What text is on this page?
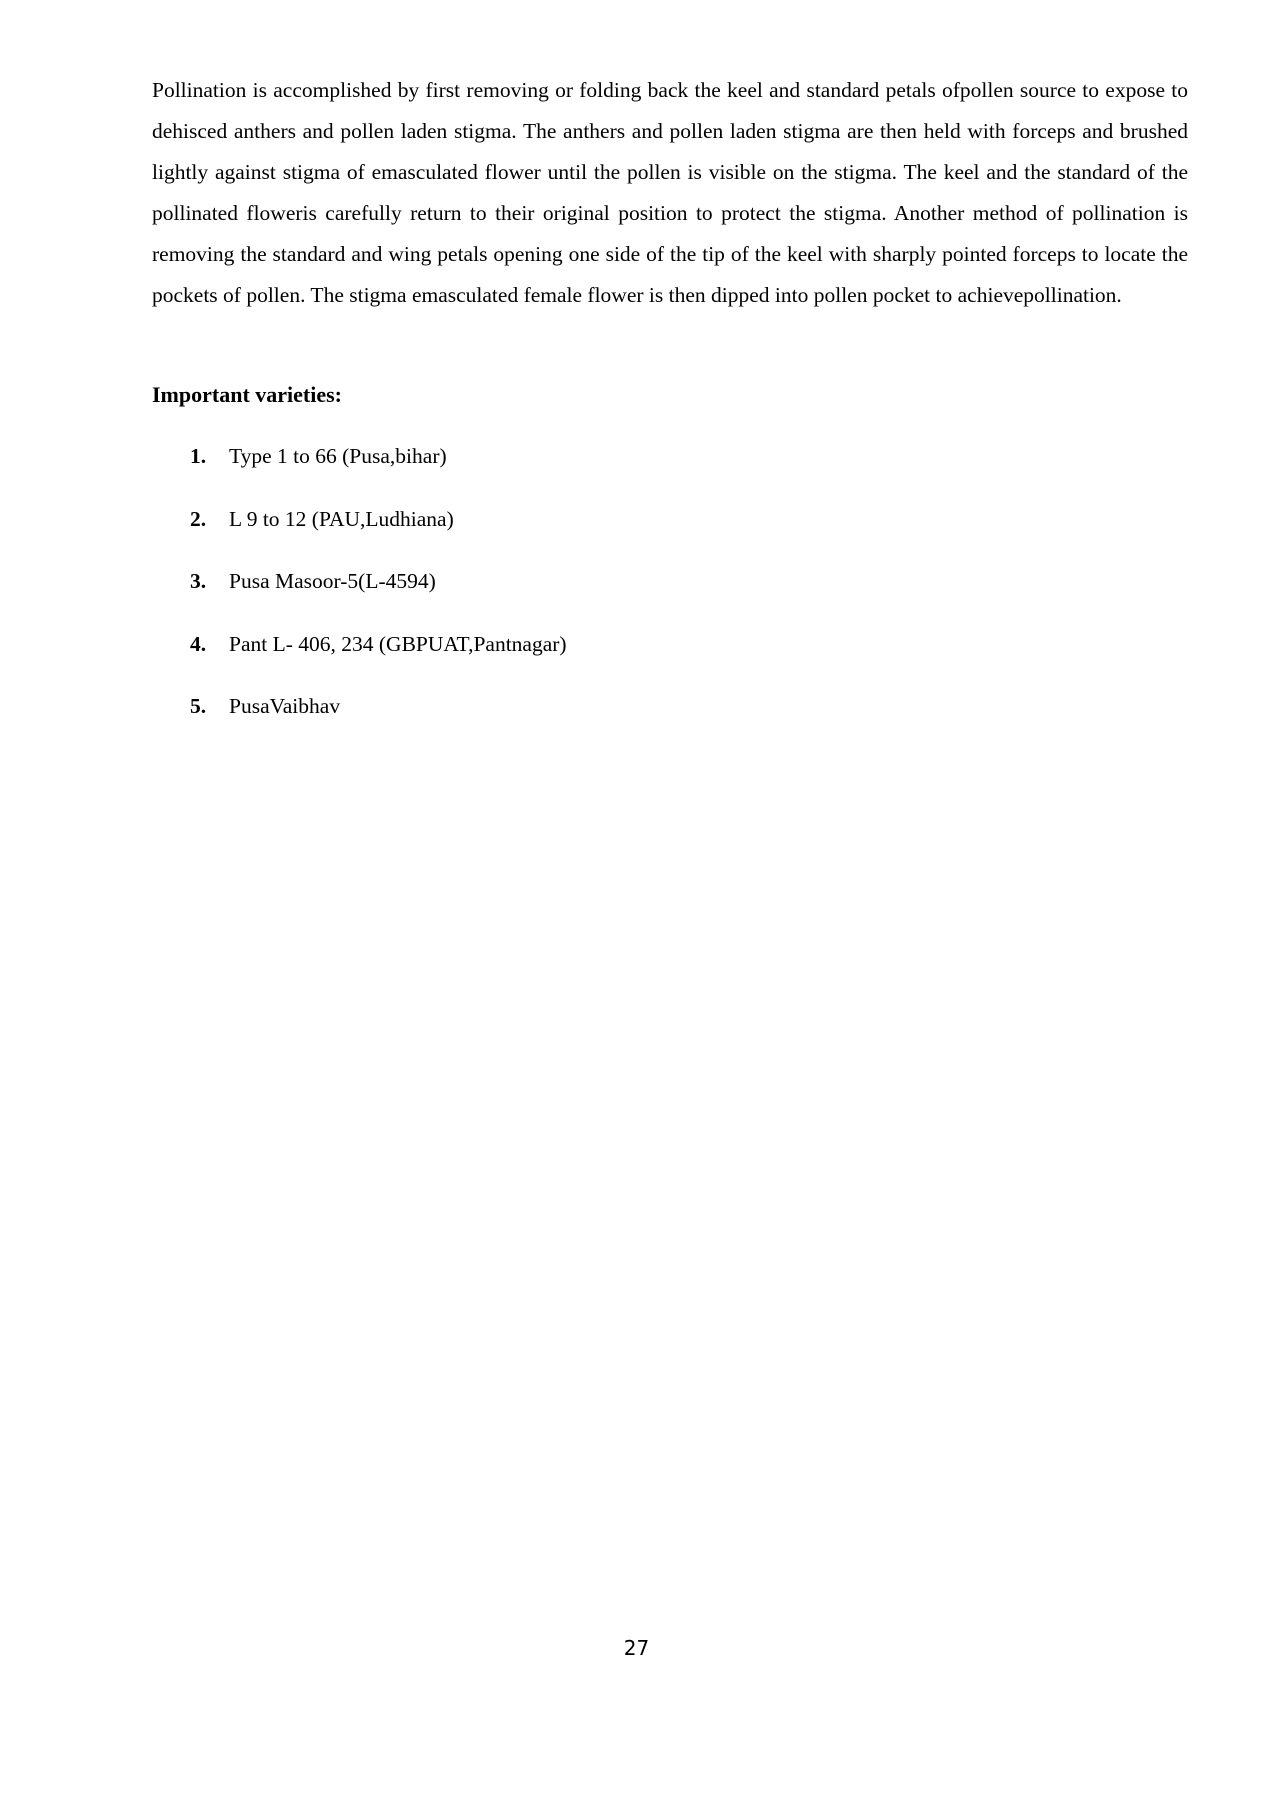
Pollination is accomplished by first removing or folding back the keel and standard petals ofpollen source to expose to dehisced anthers and pollen laden stigma. The anthers and pollen laden stigma are then held with forceps and brushed lightly against stigma of emasculated flower until the pollen is visible on the stigma. The keel and the standard of the pollinated floweris carefully return to their original position to protect the stigma. Another method of pollination is removing the standard and wing petals opening one side of the tip of the keel with sharply pointed forceps to locate the pockets of pollen. The stigma emasculated female flower is then dipped into pollen pocket to achievepollination.

Important varieties:
1. Type 1 to 66 (Pusa,bihar)
2. L 9 to 12 (PAU,Ludhiana)
3. Pusa Masoor-5(L-4594)
4. Pant L- 406, 234 (GBPUAT,Pantnagar)
5. PusaVaibhav

27
